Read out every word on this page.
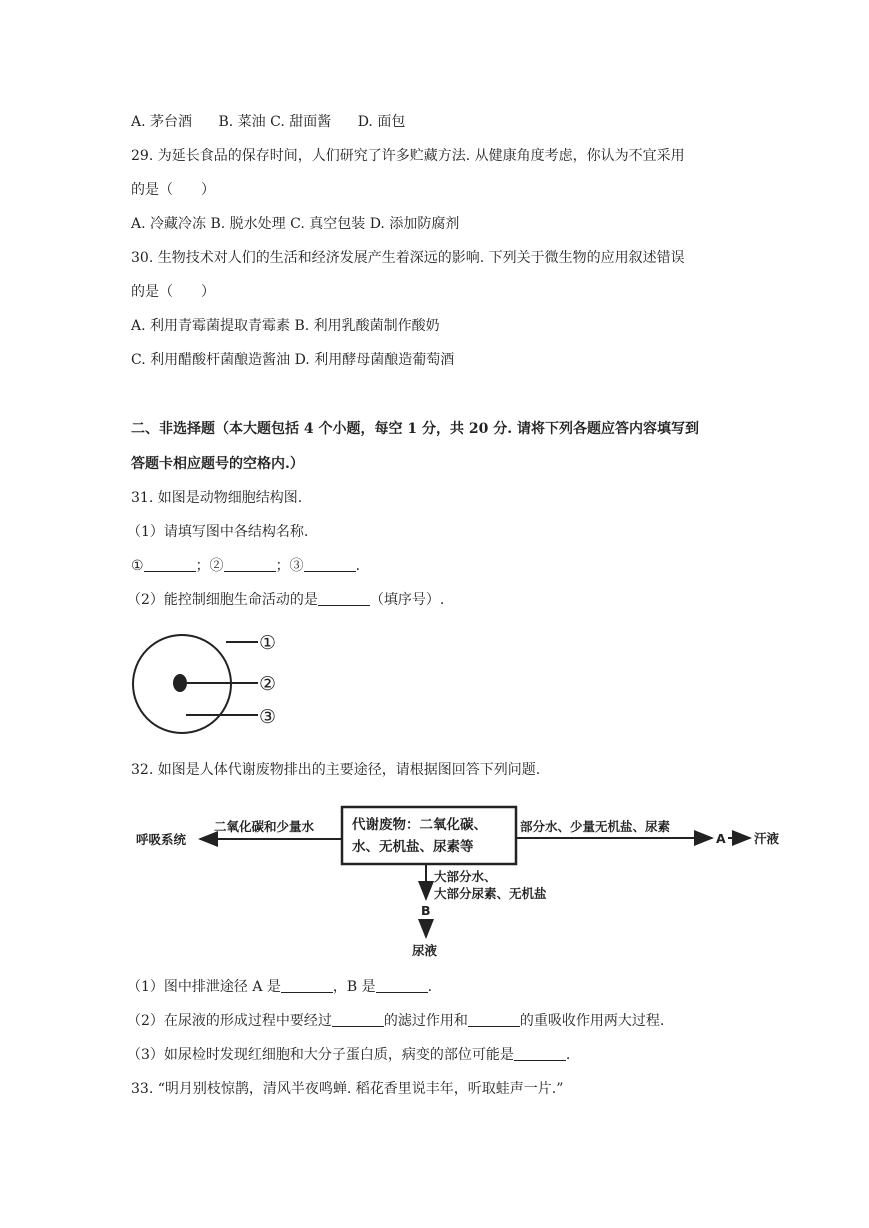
A. 茅台酒 B. 菜油 C. 甜面酱 D. 面包
29. 为延长食品的保存时间，人们研究了许多贮藏方法. 从健康角度考虑，你认为不宜采用
的是（　　）
A. 冷藏冷冻 B. 脱水处理 C. 真空包装 D. 添加防腐剂
30. 生物技术对人们的生活和经济发展产生着深远的影响. 下列关于微生物的应用叙述错误
的是（　　）
A. 利用青霉菌提取青霉素 B. 利用乳酸菌制作酸奶
C. 利用醋酸杆菌酿造酱油 D. 利用酵母菌酿造葡萄酒
二、非选择题（本大题包括 4 个小题，每空 1 分，共 20 分. 请将下列各题应答内容填写到
答题卡相应题号的空格内.）
31. 如图是动物细胞结构图.
（1）请填写图中各结构名称.
①	；②	；③	.
（2）能控制细胞生命活动的是	（填序号）.
①
②
③
32. 如图是人体代谢废物排出的主要途径，请根据图回答下列问题.
代谢废物：二氧化碳、
水、无机盐、尿素等
二氧化碳和少量水
呼吸系统
部分水、少量无机盐、尿素
A 汗液
大部分水、
大部分尿素、无机盐
B
尿液
（1）图中排泄途径 A 是	，B 是	.
（2）在尿液的形成过程中要经过	的滤过作用和	的重吸收作用两大过程.
（3）如尿检时发现红细胞和大分子蛋白质，病变的部位可能是	.
33. “明月别枝惊鹊，清风半夜鸣蝉. 稻花香里说丰年，听取蛙声一片.”
